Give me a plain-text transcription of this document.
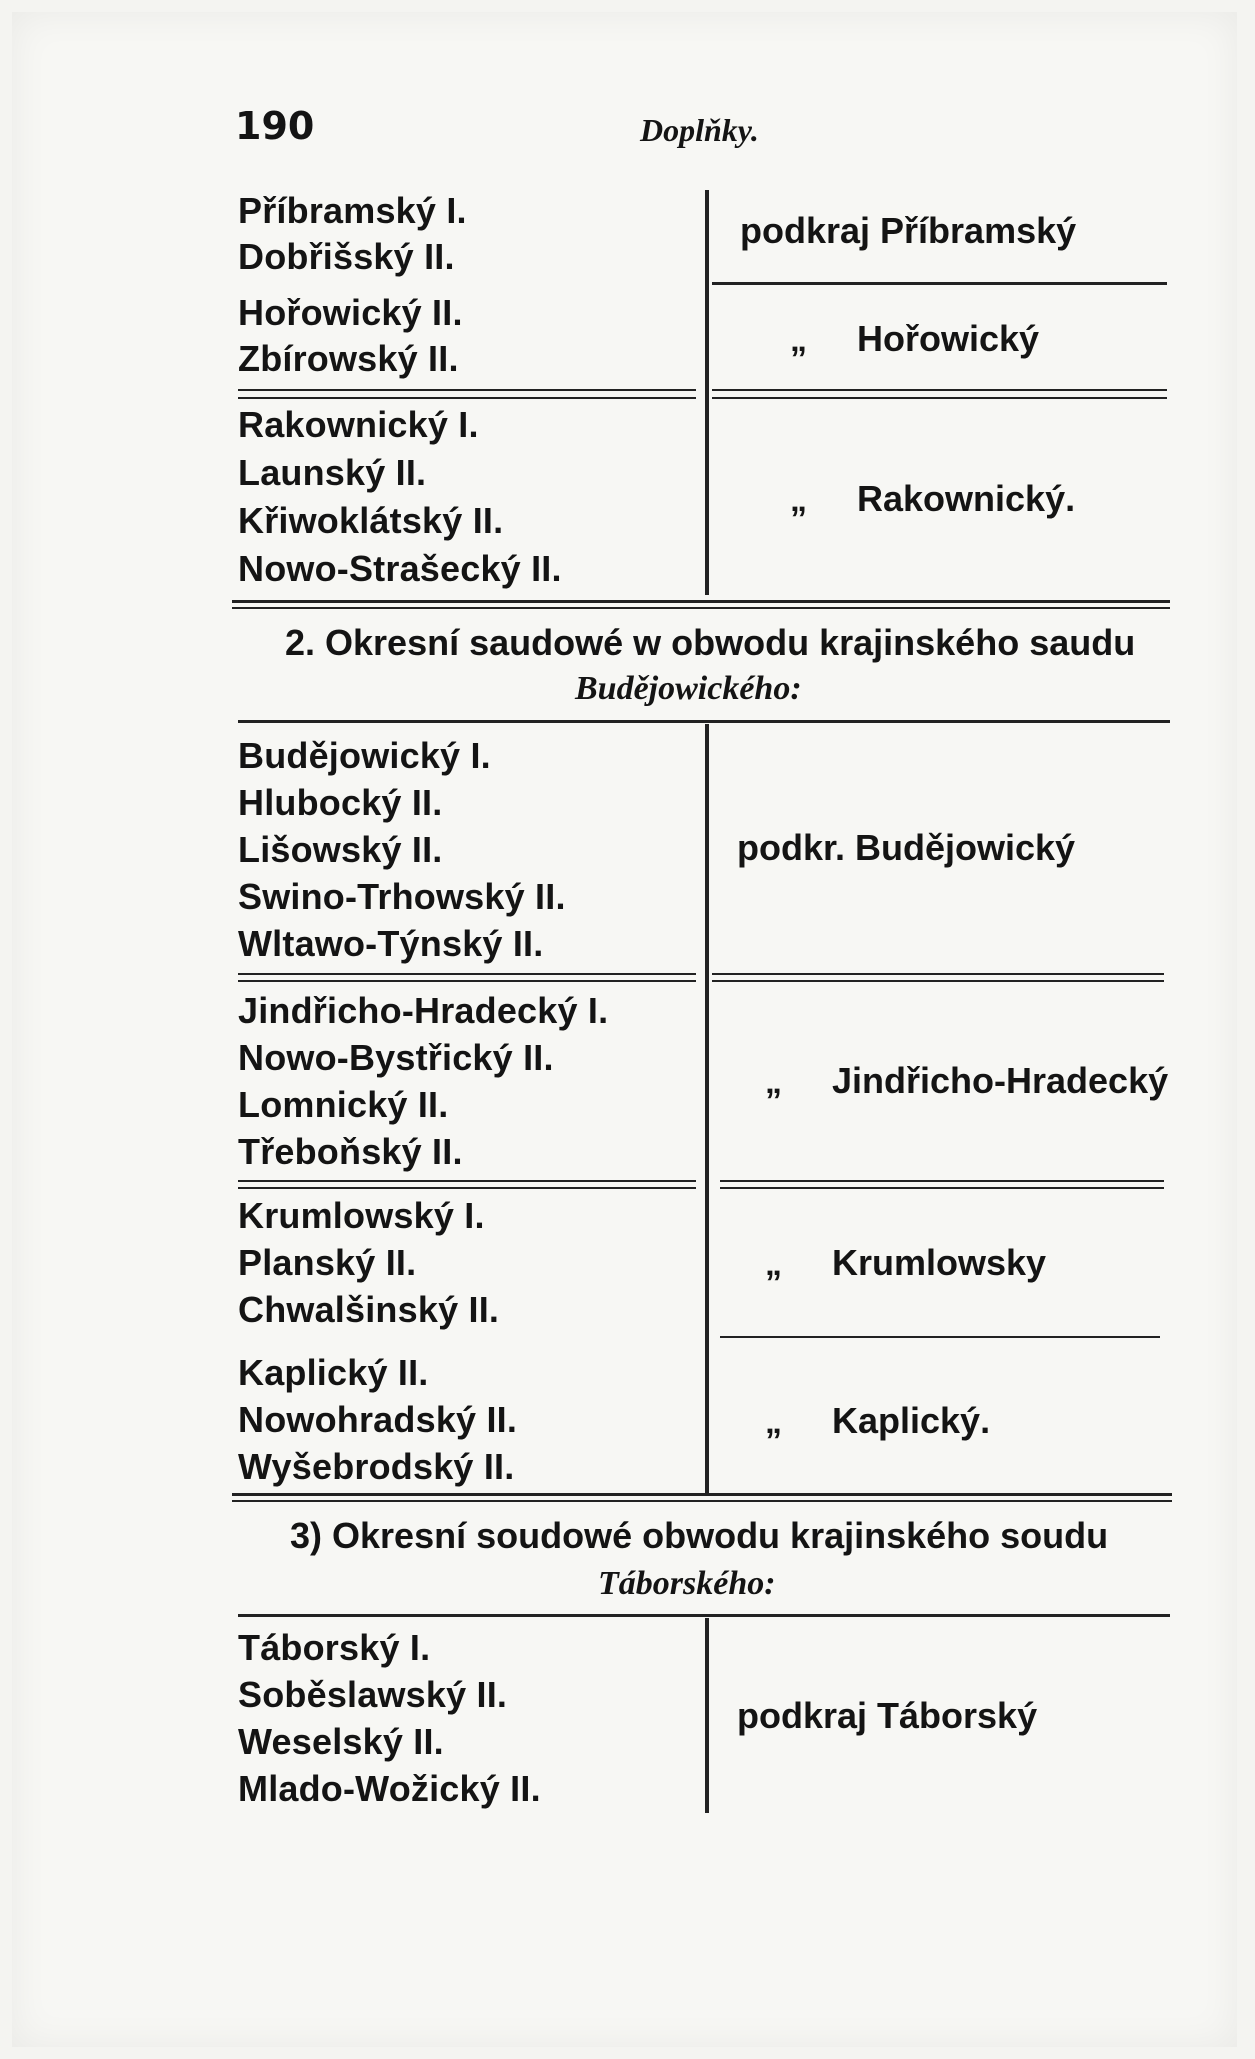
190	Doplňky.
Příbramský I.
Dobřišský II.
podkraj Příbramský
Hořowický II.
Zbírowský II.	„ Hořowický
Rakownický I.
Launský II.
Křiwoklátský II.
Nowo-Strašecký II.
„ Rakownický.
2. Okresní saudowé w obwodu krajinského saudu
Budějowického:
Budějowický I.
Hlubocký II.
Lišowský II.
Swino-Trhowský II.
Wltawo-Týnský II.
podkr. Budějowický
Jindřicho-Hradecký I.
Nowo-Bystřický II.
Lomnický II.
Třeboňský II.
„ Jindřicho-Hradecký
Krumlowský I.
Planský II.
Chwalšinský II.
„ Krumlowsky
Kaplický II.
Nowohradský II.
Wyšebrodský II.
„ Kaplický.
3) Okresní soudowé obwodu krajinského soudu
Táborského:
Táborský I.
Soběslawský II.
Weselský II.
Mlado-Wožický II.
podkraj Táborský
